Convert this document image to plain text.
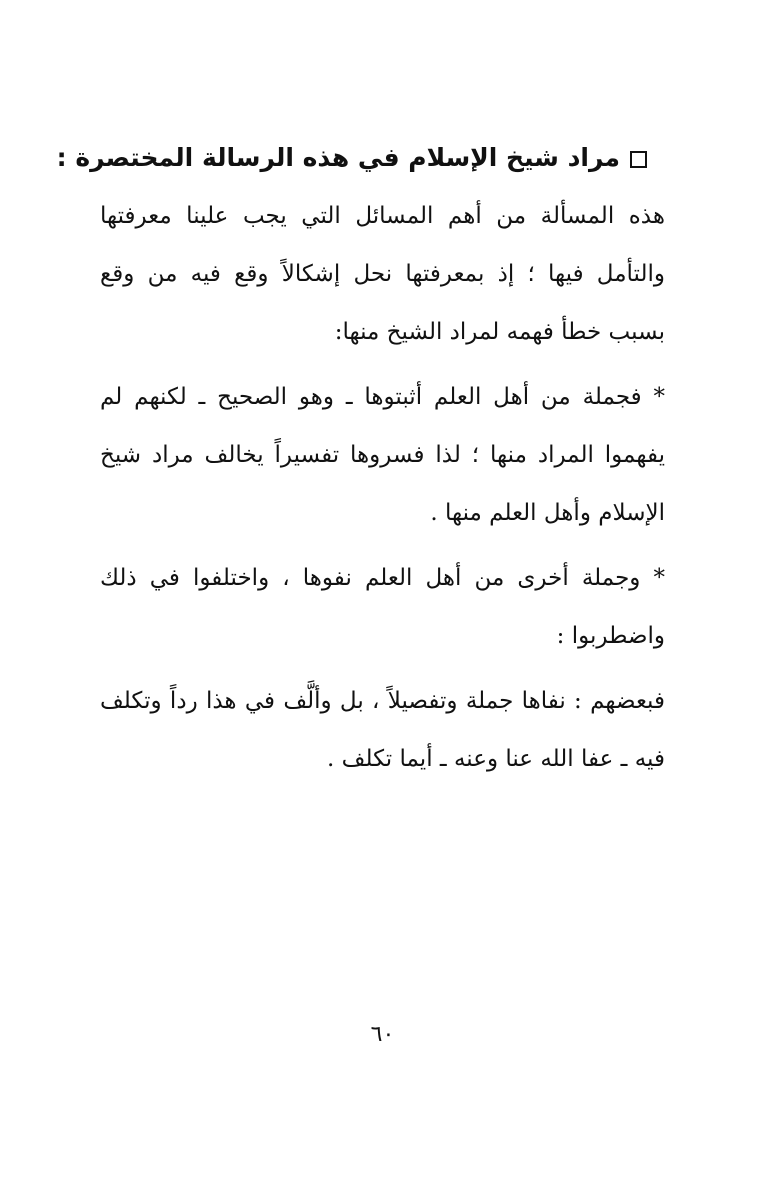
مراد شيخ الإسلام في هذه الرسالة المختصرة :
هذه المسألة من أهم المسائل التي يجب علينا معرفتها والتأمل فيها ؛ إذ بمعرفتها نحل إشكالاً وقع فيه من وقع بسبب خطأ فهمه لمراد الشيخ منها:
* فجملة من أهل العلم أثبتوها ـ وهو الصحيح ـ لكنهم لم يفهموا المراد منها ؛ لذا فسروها تفسيراً يخالف مراد شيخ الإسلام وأهل العلم منها .
* وجملة أخرى من أهل العلم نفوها ، واختلفوا في ذلك واضطربوا :
فبعضهم : نفاها جملة وتفصيلاً ، بل وألَّف في هذا رداً وتكلف فيه ـ عفا الله عنا وعنه ـ أيما تكلف .
٦٠
